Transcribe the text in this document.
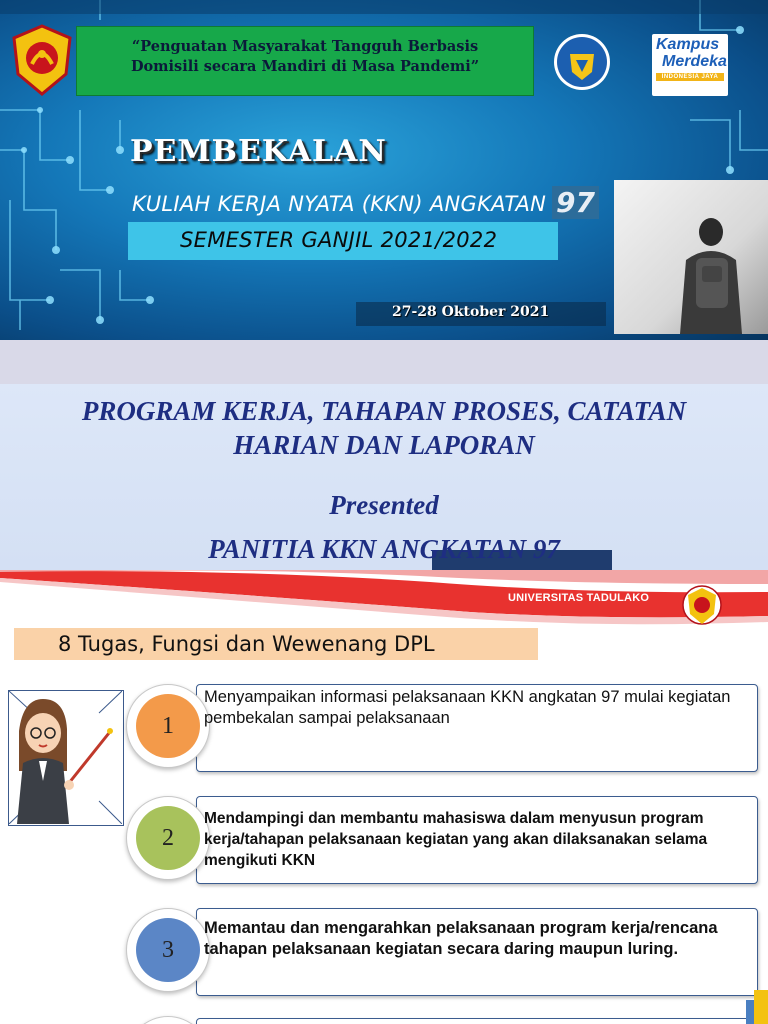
“Penguatan Masyarakat Tangguh Berbasis

Domisili secara Mandiri di Masa Pandemi”

Kampus
Merdeka
INDONESIA JAYA
PEMBEKALAN
KULIAH KERJA NYATA (KKN) ANGKATAN 97
SEMESTER GANJIL 2021/2022
27-28 Oktober 2021
PROGRAM KERJA, TAHAPAN PROSES, CATATAN
HARIAN DAN LAPORAN
Presented
PANITIA KKN ANGKATAN 97
UNIVERSITAS TADULAKO
8 Tugas, Fungsi dan Wewenang DPL
1
Menyampaikan informasi pelaksanaan KKN angkatan 97 mulai kegiatan pembekalan sampai pelaksanaan
2
Mendampingi dan membantu mahasiswa dalam menyusun program kerja/tahapan pelaksanaan kegiatan yang akan dilaksanakan selama mengikuti KKN
3
Memantau dan mengarahkan pelaksanaan program kerja/rencana tahapan pelaksanaan kegiatan secara daring maupun luring.
